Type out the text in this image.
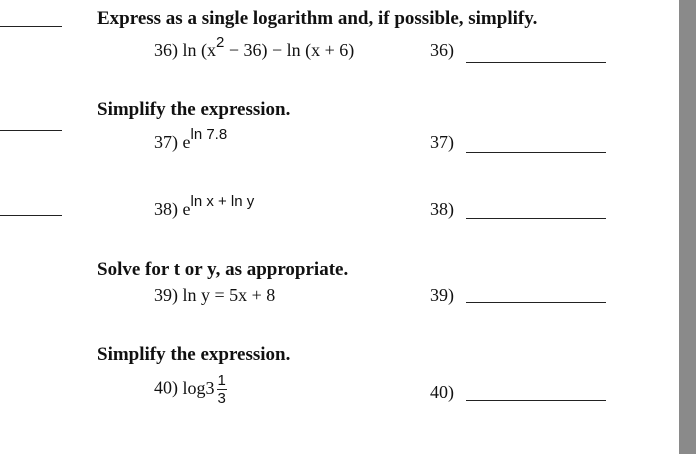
Express as a single logarithm and, if possible, simplify.
36) $\ln (x^2 - 36) - \ln (x + 6)$	36)
Simplify the expression.
37) $e^{ln 7.8}$	37)
38) $e^{ln x + ln y}$	38)
Solve for t or y, as appropriate.
39) ln y = 5x + 8	39)
Simplify the expression.
40) $\log 3 \frac{1}{3}$	40)
